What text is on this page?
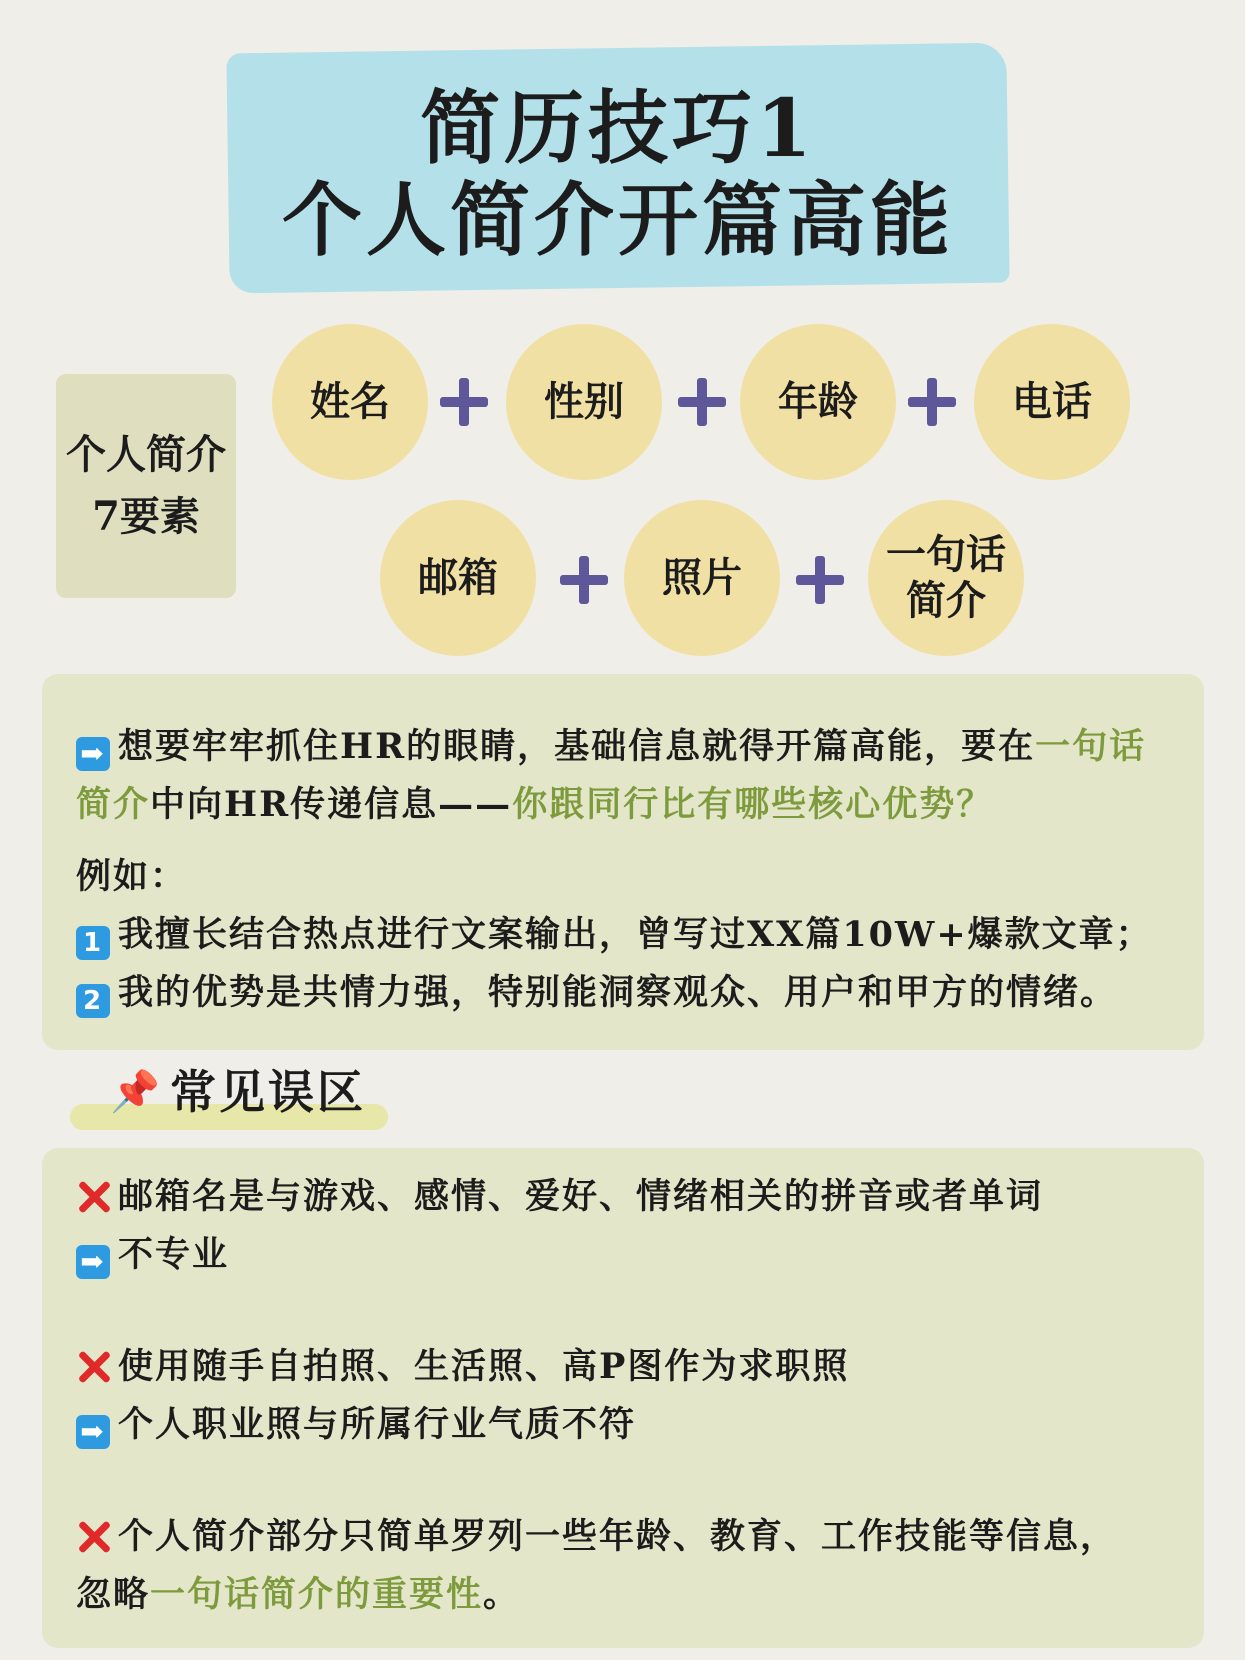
简历技巧1
个人简介开篇高能
个人简介
7要素
姓名	性别	年龄	电话
邮箱	照片	一句话
简介
➡ 想要牢牢抓住HR的眼睛，基础信息就得开篇高能，要在一句话
简介中向HR传递信息——你跟同行比有哪些核心优势？
例如：
1 我擅长结合热点进行文案输出，曾写过XX篇10W+爆款文章；
2 我的优势是共情力强，特别能洞察观众、用户和甲方的情绪。
📌 常见误区
邮箱名是与游戏、感情、爱好、情绪相关的拼音或者单词
➡ 不专业
使用随手自拍照、生活照、高P图作为求职照
➡ 个人职业照与所属行业气质不符
个人简介部分只简单罗列一些年龄、教育、工作技能等信息，
忽略一句话简介的重要性。
